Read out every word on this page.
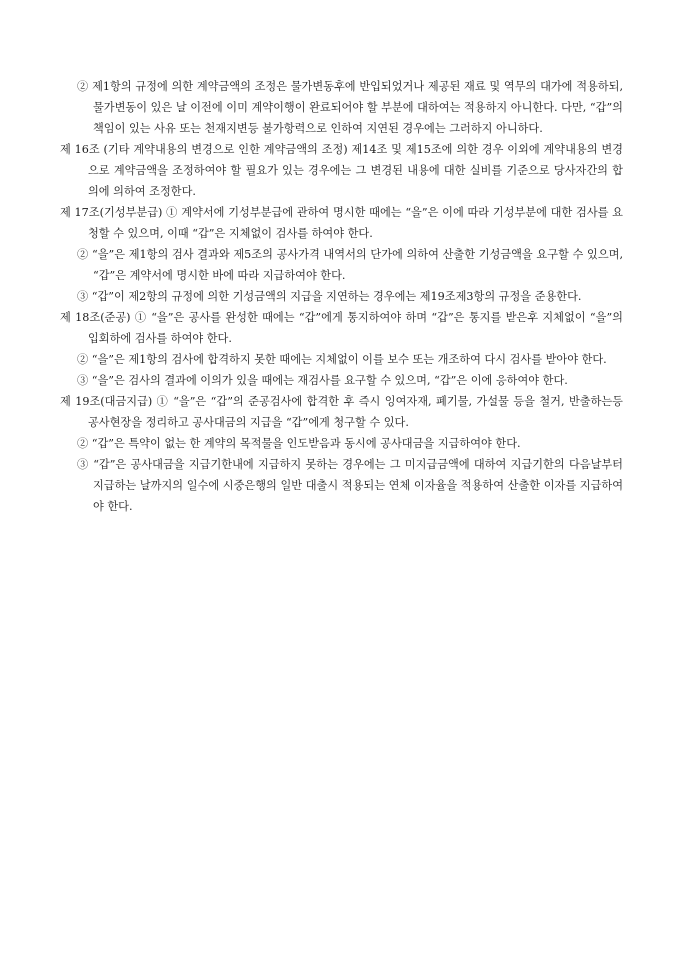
② 제1항의 규정에 의한 계약금액의 조정은 물가변동후에 반입되었거나 제공된 재료 및 역무의 대가에 적용하되, 물가변동이 있은 날 이전에 이미 계약이행이 완료되어야 할 부분에 대하여는 적용하지 아니한다. 다만, “갑”의 책임이 있는 사유 또는 천재지변등 불가항력으로 인하여 지연된 경우에는 그러하지 아니하다.

제 16조 (기타 계약내용의 변경으로 인한 계약금액의 조정) 제14조 및 제15조에 의한 경우 이외에 계약내용의 변경으로 계약금액을 조정하여야 할 필요가 있는 경우에는 그 변경된 내용에 대한 실비를 기준으로 당사자간의 합의에 의하여 조정한다.

제 17조(기성부분급) ① 계약서에 기성부분급에 관하여 명시한 때에는 “을”은 이에 따라 기성부분에 대한 검사를 요청할 수 있으며, 이때 “갑”은 지체없이 검사를 하여야 한다.

② “을”은 제1항의 검사 결과와 제5조의 공사가격 내역서의 단가에 의하여 산출한 기성금액을 요구할 수 있으며, “갑”은 계약서에 명시한 바에 따라 지급하여야 한다.

③ “갑”이 제2항의 규정에 의한 기성금액의 지급을 지연하는 경우에는 제19조제3항의 규정을 준용한다.

제 18조(준공) ① “을”은 공사를 완성한 때에는 “갑”에게 통지하여야 하며 “갑”은 통지를 받은후 지체없이 “을”의 입회하에 검사를 하여야 한다.

② “을”은 제1항의 검사에 합격하지 못한 때에는 지체없이 이를 보수 또는 개조하여 다시 검사를 받아야 한다.

③ “을”은 검사의 결과에 이의가 있을 때에는 재검사를 요구할 수 있으며, “갑”은 이에 응하여야 한다.

제 19조(대금지급) ① “을”은 “갑”의 준공검사에 합격한 후 즉시 잉여자재, 폐기물, 가설물 등을 철거, 반출하는등 공사현장을 정리하고 공사대금의 지급을 “갑”에게 청구할 수 있다.

② “갑”은 특약이 없는 한 계약의 목적물을 인도받음과 동시에 공사대금을 지급하여야 한다.

③ “갑”은 공사대금을 지급기한내에 지급하지 못하는 경우에는 그 미지급금액에 대하여 지급기한의 다음날부터 지급하는 날까지의 일수에 시중은행의 일반 대출시 적용되는 연체 이자율을 적용하여 산출한 이자를 지급하여야 한다.
